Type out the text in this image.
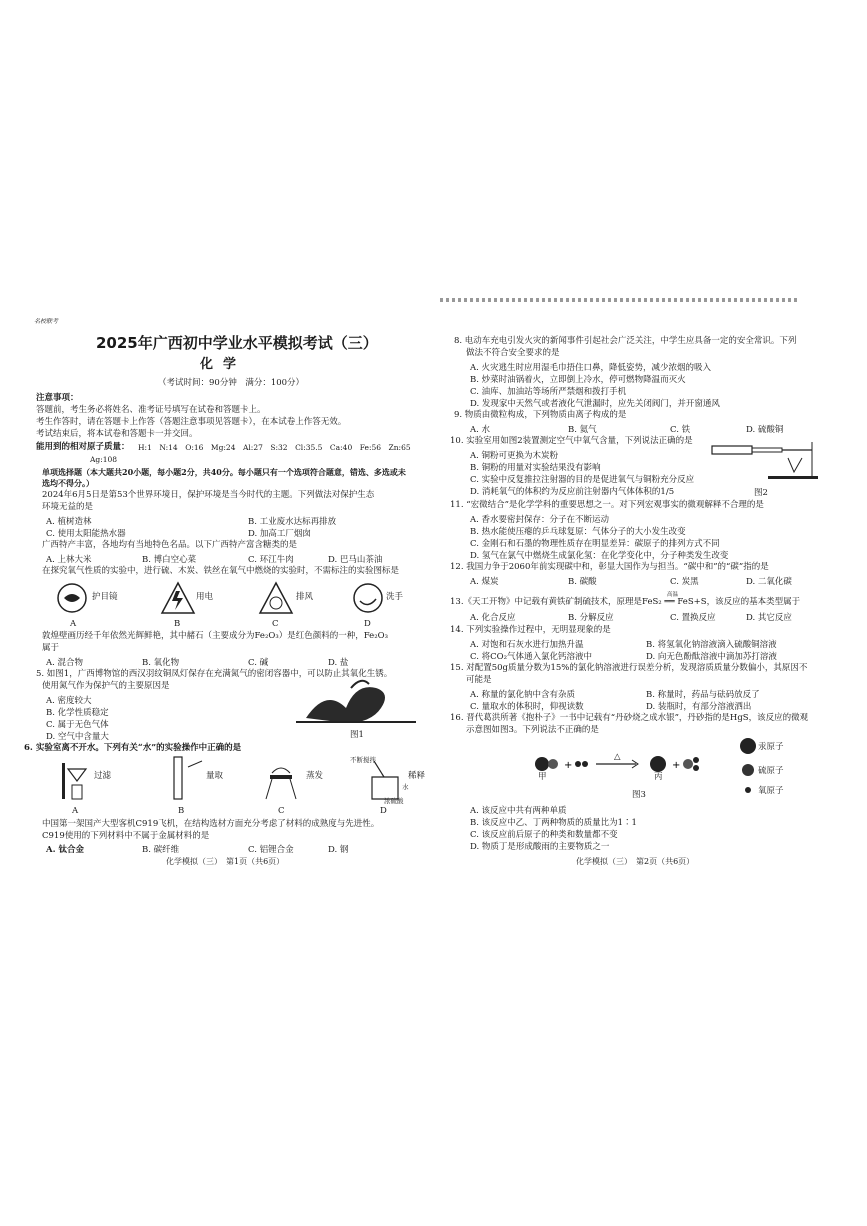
名校联考
2025年广西初中学业水平模拟考试（三）
化学
（考试时间：90分钟　满分：100分）
注意事项：
答题前，考生务必将姓名、准考证号填写在试卷和答题卡上。
考生作答时，请在答题卡上作答（答题注意事项见答题卡），在本试卷上作答无效。
考试结束后，将本试卷和答题卡一并交回。
能用到的相对原子质量： H:1　N:14　O:16　Mg:24　Al:27　S:32　Cl:35.5　Ca:40　Fe:56　Zn:65
Ag:108
单项选择题（本大题共20小题，每小题2分，共40分。每小题只有一个选项符合题意，错选、多选或未选均不得分。）
2024年6月5日是第53个世界环境日，保护环境是当今时代的主题。下列做法对保护生态
环境无益的是
A. 植树造林	B. 工业废水达标再排放
C. 使用太阳能热水器	D. 加高工厂烟囱
广西特产丰富，各地均有当地特色名品。以下广西特产富含糖类的是
A. 上林大米	B. 博白空心菜	C. 环江牛肉	D. 巴马山茶油
在探究氧气性质的实验中，进行硫、木炭、铁丝在氧气中燃烧的实验时，不需标注的实验图标是
护目镜	用电	排风	洗手
A	B	C	D
敦煌壁画历经千年依然光辉鲜艳，其中赭石（主要成分为Fe₂O₃）是红色颜料的一种，Fe₂O₃
属于
A. 混合物	B. 氧化物	C. 碱	D. 盐
5. 如图1，广西博物馆的西汉羽纹铜凤灯保存在充满氮气的密闭容器中，可以防止其氧化生锈。
使用氮气作为保护气的主要原因是
A. 密度较大
B. 化学性质稳定
C. 属于无色气体
D. 空气中含量大	图1
6. 实验室离不开水。下列有关“水”的实验操作中正确的是
过滤	量取	蒸发	稀释
不断搅拌
浓硫酸
水
A	B	C	D
中国第一架国产大型客机C919飞机，在结构选材方面充分考虑了材料的成熟度与先进性。
C919使用的下列材料中不属于金属材料的是
A. 钛合金	B. 碳纤维	C. 铝锂合金	D. 钢
化学模拟（三）　第1页（共6页）
8. 电动车充电引发火灾的新闻事件引起社会广泛关注，中学生应具备一定的安全常识。下列
做法不符合安全要求的是
A. 火灾逃生时应用湿毛巾捂住口鼻，降低姿势，减少浓烟的吸入
B. 炒菜时油锅着火，立即倒上冷水，停可燃物降温而灭火
C. 油库、加油站等场所严禁烟和拨打手机
D. 发现家中天然气或者液化气泄漏时，应先关闭阀门，并开窗通风
9. 物质由微粒构成，下列物质由离子构成的是
A. 水	B. 氦气	C. 铁	D. 硫酸铜
10. 实验室用如图2装置测定空气中氧气含量，下列说法正确的是
A. 铜粉可更换为木炭粉
B. 铜粉的用量对实验结果没有影响
C. 实验中反复推拉注射器的目的是促进氧气与铜粉充分反应
D. 消耗氧气的体积约为反应前注射器内气体体积的1/5	图2
11. “宏微结合”是化学学科的重要思想之一。对下列宏观事实的微观解释不合理的是
A. 香水要密封保存：分子在不断运动
B. 热水能使压瘪的乒乓球复原：气体分子的大小发生改变
C. 金刚石和石墨的物理性质存在明显差异：碳原子的排列方式不同
D. 氢气在氯气中燃烧生成氯化氢：在化学变化中，分子种类发生改变
12. 我国力争于2060年前实现碳中和，彰显大国作为与担当。“碳中和”的“碳”指的是
A. 煤炭	B. 碳酸	C. 炭黑	D. 二氧化碳
13.《天工开物》中记载有黄铁矿制硫技术，原理是FeS₂ ══ FeS+S，该反应的基本类型属于
高温
A. 化合反应	B. 分解反应	C. 置换反应	D. 其它反应
14. 下列实验操作过程中，无明显现象的是
A. 对饱和石灰水进行加热升温	B. 将氢氧化钠溶液滴入硫酸铜溶液
C. 将CO₂气体通入氯化钙溶液中	D. 向无色酚酞溶液中滴加苏打溶液
15. 对配置50g质量分数为15%的氯化钠溶液进行误差分析，发现溶质质量分数偏小，其原因不
可能是
A. 称量的氯化钠中含有杂质	B. 称量时，药品与砝码放反了
C. 量取水的体积时，仰视读数	D. 装瓶时，有部分溶液洒出
16. 晋代葛洪所著《抱朴子》一书中记载有“丹砂烧之成水银”，丹砂指的是HgS，该反应的微观
示意图如图3。下列说法不正确的是
+	+
△
甲	丙
汞原子
硫原子
氧原子
图3
A. 该反应中共有两种单质
B. 该反应中乙、丁两种物质的质量比为1∶1
C. 该反应前后原子的种类和数量都不变
D. 物质丁是形成酸雨的主要物质之一
化学模拟（三）　第2页（共6页）
